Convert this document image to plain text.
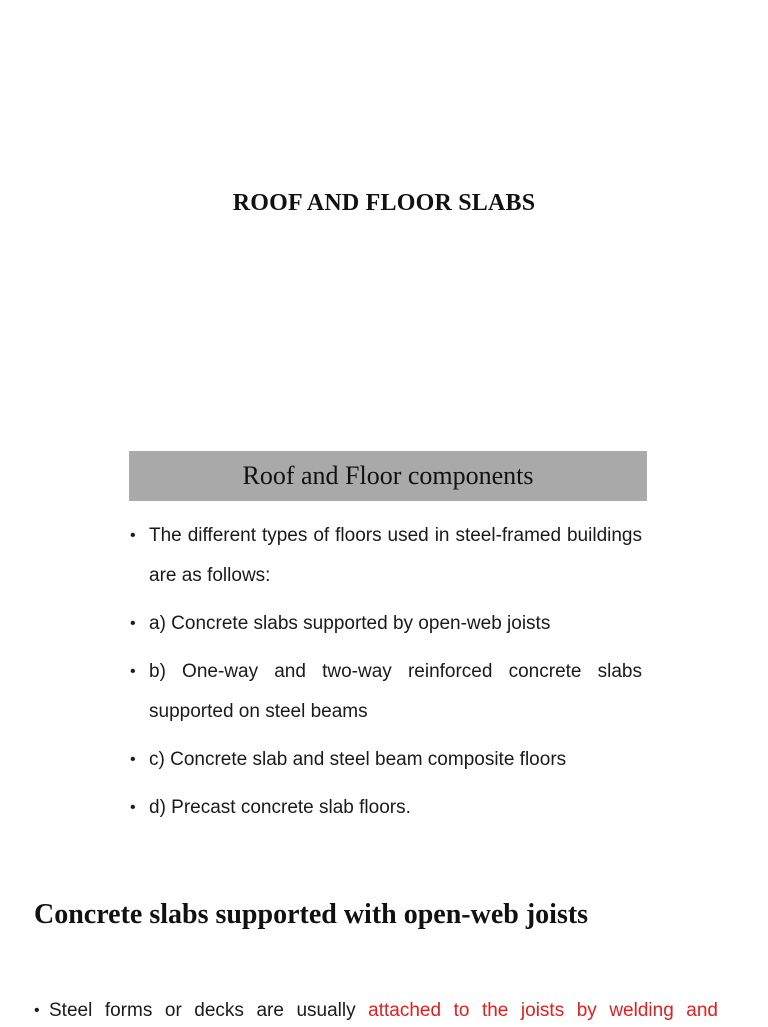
ROOF AND FLOOR SLABS
Roof and Floor components
• The different types of floors used in steel-framed buildings are as follows:
• a) Concrete slabs supported by open-web joists
• b) One-way and two-way reinforced concrete slabs supported on steel beams
• c) Concrete slab and steel beam composite floors
• d) Precast concrete slab floors.
Concrete slabs supported with open-web joists
• Steel forms or decks are usually attached to the joists by welding and
